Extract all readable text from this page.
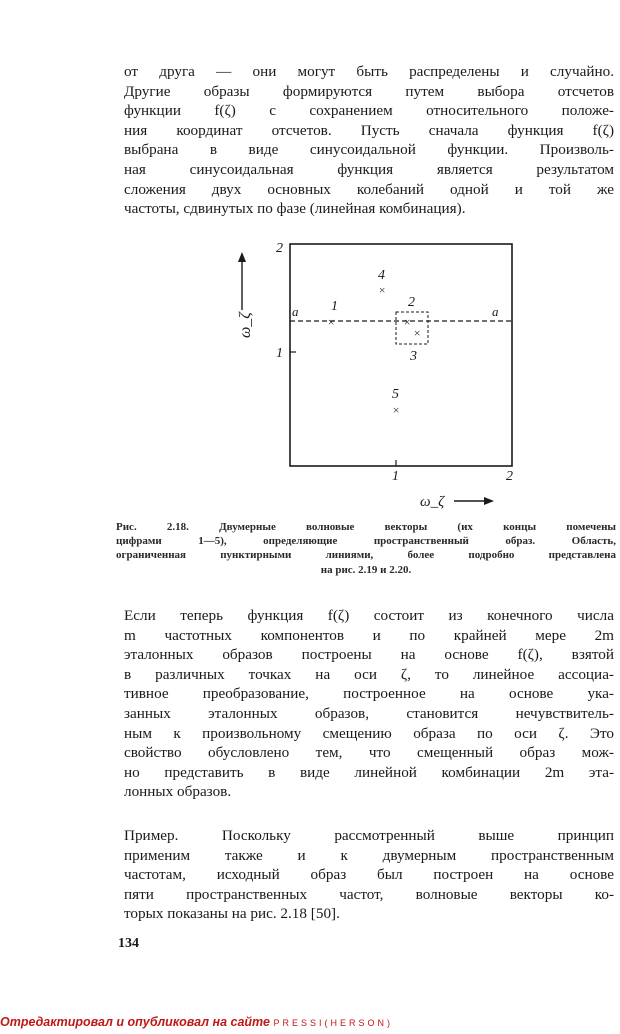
от друга — они могут быть распределены и случайно.
Другие образы формируются путем выбора отсчетов
функции f(ζ) с сохранением относительного положе-
ния координат отсчетов. Пусть сначала функция f(ζ)
выбрана в виде синусоидальной функции. Произволь-
ная синусоидальная функция является результатом
сложения двух основных колебаний одной и той же
частоты, сдвинутых по фазе (линейная комбинация).

2
1
1	2
ω_ζ
ω_ζ
a	a
×
1
×
2
×
3
×
4
×
5
Рис. 2.18. Двумерные волновые векторы (их концы помечены
цифрами 1—5), определяющие пространственный образ. Область,
ограниченная пунктирными линиями, более подробно представлена
на рис. 2.19 и 2.20.

Если теперь функция f(ζ) состоит из конечного числа
m частотных компонентов и по крайней мере 2m
эталонных образов построены на основе f(ζ), взятой
в различных точках на оси ζ, то линейное ассоциа-
тивное преобразование, построенное на основе ука-
занных эталонных образов, становится нечувствитель-
ным к произвольному смещению образа по оси ζ. Это
свойство обусловлено тем, что смещенный образ мож-
но представить в виде линейной комбинации 2m эта-
лонных образов.

Пример. Поскольку рассмотренный выше принцип
применим также и к двумерным пространственным
частотам, исходный образ был построен на основе
пяти пространственных частот, волновые векторы ко-
торых показаны на рис. 2.18 [50].

134
Отредактировал и опубликовал на сайте PRESSI(HERSON)
